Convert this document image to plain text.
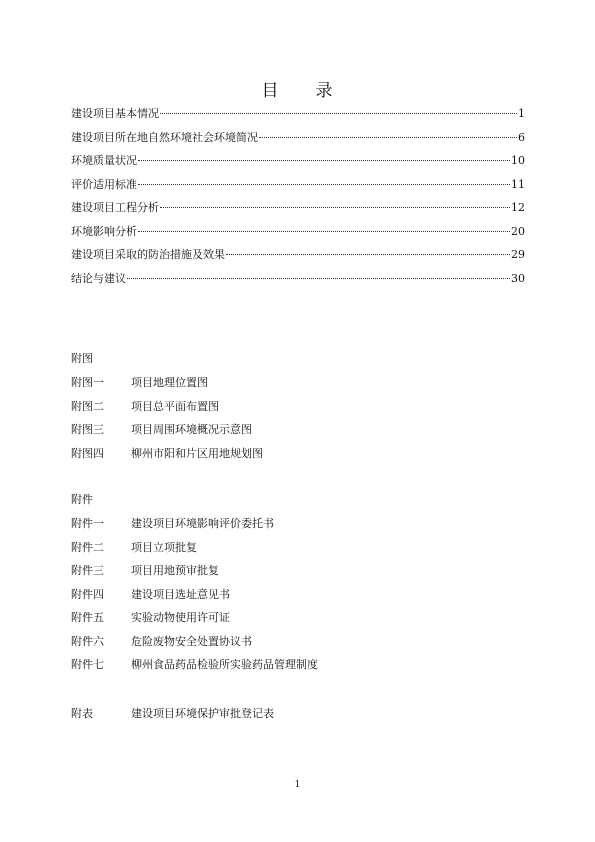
目　　录
建设项目基本情况	1
建设项目所在地自然环境社会环境简况	6
环境质量状况	10
评价适用标准	11
建设项目工程分析	12
环境影响分析	20
建设项目采取的防治措施及效果	29
结论与建议	30
附图
附图一	项目地理位置图
附图二	项目总平面布置图
附图三	项目周围环境概况示意图
附图四	柳州市阳和片区用地规划图
附件
附件一	建设项目环境影响评价委托书
附件二	项目立项批复
附件三	项目用地预审批复
附件四	建设项目选址意见书
附件五	实验动物使用许可证
附件六	危险废物安全处置协议书
附件七	柳州食品药品检验所实验药品管理制度
附表	建设项目环境保护审批登记表
1
